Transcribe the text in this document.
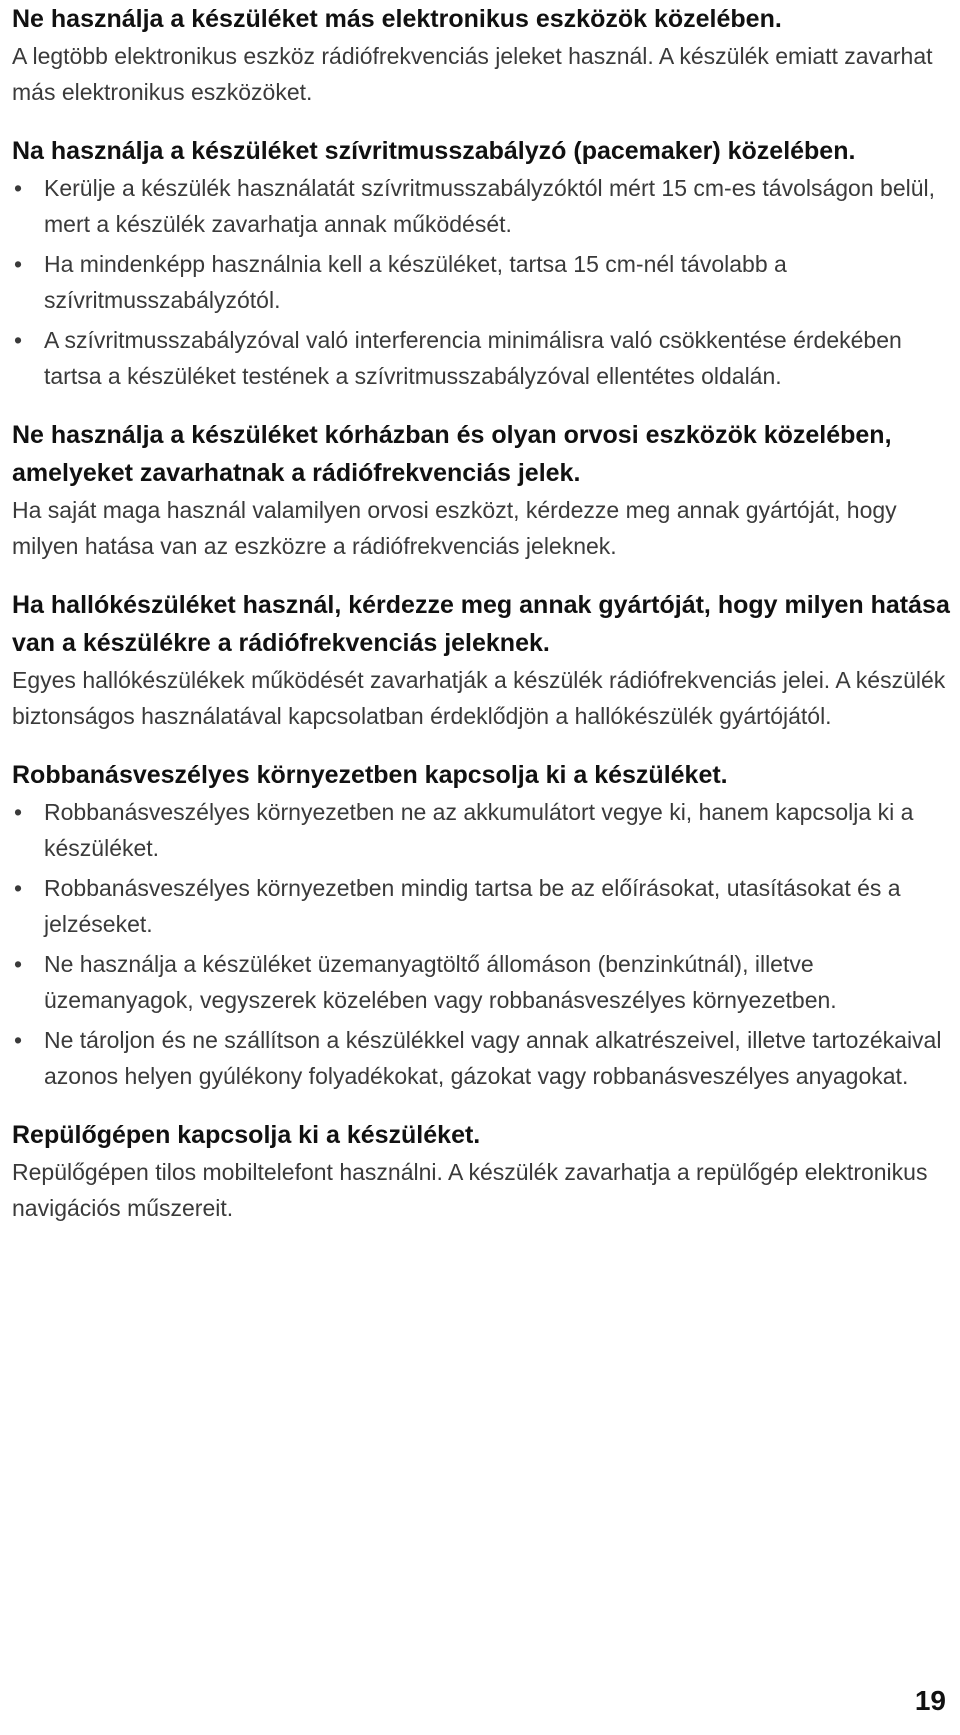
Ne használja a készüléket más elektronikus eszközök közelében.

A legtöbb elektronikus eszköz rádiófrekvenciás jeleket használ. A készülék emiatt zavarhat más elektronikus eszközöket.

Na használja a készüléket szívritmusszabályzó (pacemaker) közelében.

• Kerülje a készülék használatát szívritmusszabályzóktól mért 15 cm-es távolságon belül, mert a készülék zavarhatja annak működését.
• Ha mindenképp használnia kell a készüléket, tartsa 15 cm-nél távolabb a szívritmusszabályzótól.
• A szívritmusszabályzóval való interferencia minimálisra való csökkentése érdekében tartsa a készüléket testének a szívritmusszabályzóval ellentétes oldalán.

Ne használja a készüléket kórházban és olyan orvosi eszközök közelében, amelyeket zavarhatnak a rádiófrekvenciás jelek.

Ha saját maga használ valamilyen orvosi eszközt, kérdezze meg annak gyártóját, hogy milyen hatása van az eszközre a rádiófrekvenciás jeleknek.

Ha hallókészüléket használ, kérdezze meg annak gyártóját, hogy milyen hatása van a készülékre a rádiófrekvenciás jeleknek.

Egyes hallókészülékek működését zavarhatják a készülék rádiófrekvenciás jelei. A készülék biztonságos használatával kapcsolatban érdeklődjön a hallókészülék gyártójától.

Robbanásveszélyes környezetben kapcsolja ki a készüléket.

• Robbanásveszélyes környezetben ne az akkumulátort vegye ki, hanem kapcsolja ki a készüléket.
• Robbanásveszélyes környezetben mindig tartsa be az előírásokat, utasításokat és a jelzéseket.
• Ne használja a készüléket üzemanyagtöltő állomáson (benzinkútnál), illetve üzemanyagok, vegyszerek közelében vagy robbanásveszélyes környezetben.
• Ne tároljon és ne szállítson a készülékkel vagy annak alkatrészeivel, illetve tartozékaival azonos helyen gyúlékony folyadékokat, gázokat vagy robbanásveszélyes anyagokat.

Repülőgépen kapcsolja ki a készüléket.

Repülőgépen tilos mobiltelefont használni. A készülék zavarhatja a repülőgép elektronikus navigációs műszereit.

19
